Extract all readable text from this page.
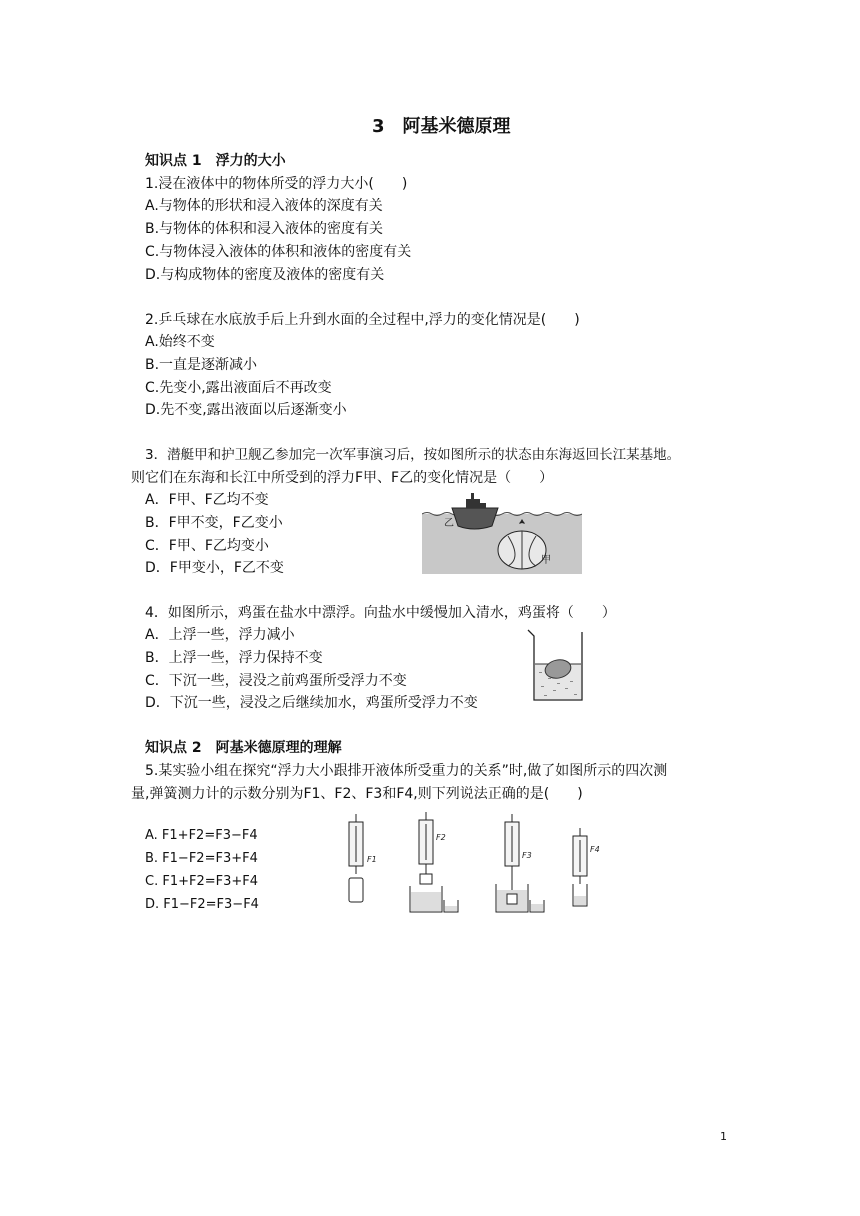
3　阿基米德原理
知识点 1　浮力的大小
1.浸在液体中的物体所受的浮力大小(　　)
A.与物体的形状和浸入液体的深度有关
B.与物体的体积和浸入液体的密度有关
C.与物体浸入液体的体积和液体的密度有关
D.与构成物体的密度及液体的密度有关
2.乒乓球在水底放手后上升到水面的全过程中,浮力的变化情况是(　　)
A.始终不变
B.一直是逐渐减小
C.先变小,露出液面后不再改变
D.先不变,露出液面以后逐渐变小
3．潜艇甲和护卫舰乙参加完一次军事演习后，按如图所示的状态由东海返回长江某基地。
则它们在东海和长江中所受到的浮力F甲、F乙的变化情况是（　　）
A．F甲、F乙均不变
B．F甲不变，F乙变小
C．F甲、F乙均变小
D．F甲变小，F乙不变
乙
甲
4．如图所示，鸡蛋在盐水中漂浮。向盐水中缓慢加入清水，鸡蛋将（　　）
A．上浮一些，浮力减小
B．上浮一些，浮力保持不变
C．下沉一些，浸没之前鸡蛋所受浮力不变
D．下沉一些，浸没之后继续加水，鸡蛋所受浮力不变
知识点 2　阿基米德原理的理解
5.某实验小组在探究“浮力大小跟排开液体所受重力的关系”时,做了如图所示的四次测
量,弹簧测力计的示数分别为F1、F2、F3和F4,则下列说法正确的是(　　)
A. F1+F2=F3−F4
B. F1−F2=F3+F4
C. F1+F2=F3+F4
D. F1−F2=F3−F4
F1
F2
F3
F4
1
